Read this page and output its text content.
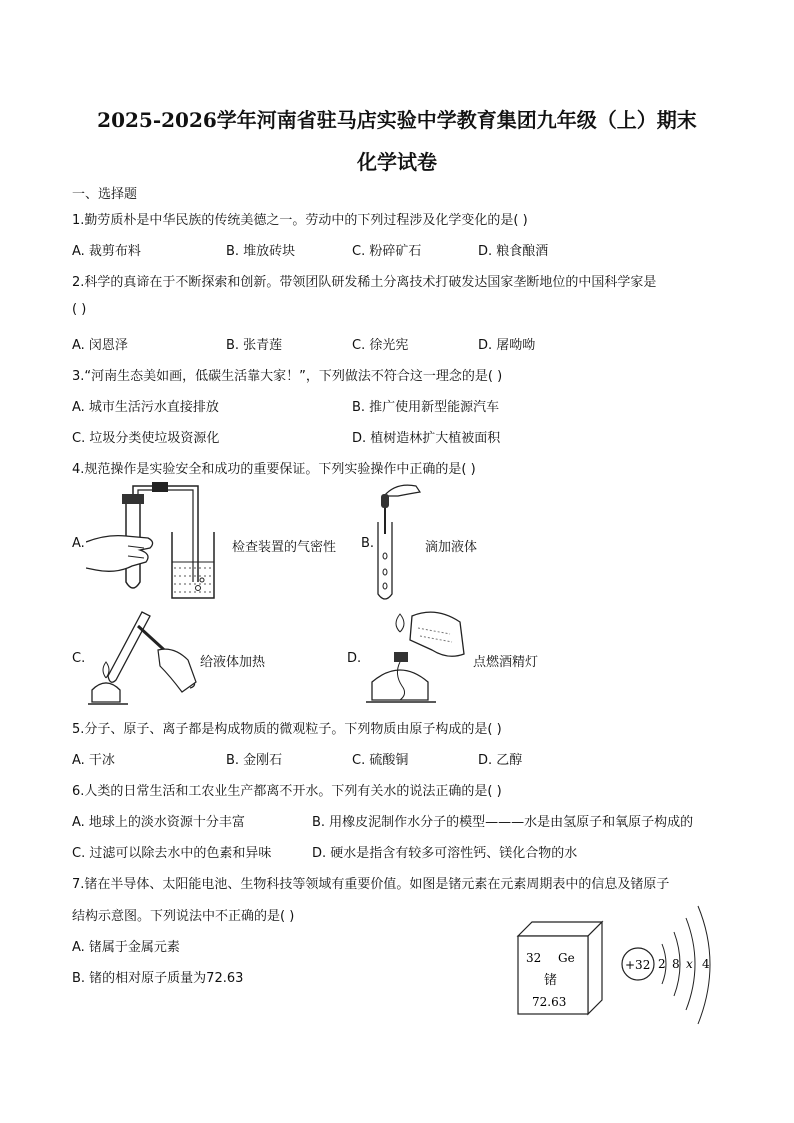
2025-2026学年河南省驻马店实验中学教育集团九年级（上）期末
化学试卷
一、选择题
1.勤劳质朴是中华民族的传统美德之一。劳动中的下列过程涉及化学变化的是( )
A. 裁剪布料	B. 堆放砖块	C. 粉碎矿石	D. 粮食酿酒
2.科学的真谛在于不断探索和创新。带领团队研发稀土分离技术打破发达国家垄断地位的中国科学家是
( )
A. 闵恩泽	B. 张青莲	C. 徐光宪	D. 屠呦呦
3.“河南生态美如画，低碳生活靠大家！”，下列做法不符合这一理念的是( )
A. 城市生活污水直接排放	B. 推广使用新型能源汽车
C. 垃圾分类使垃圾资源化	D. 植树造林扩大植被面积
4.规范操作是实验安全和成功的重要保证。下列实验操作中正确的是( )
A.	检查装置的气密性 B.	滴加液体
C.	给液体加热	D.	点燃酒精灯
5.分子、原子、离子都是构成物质的微观粒子。下列物质由原子构成的是( )
A. 干冰	B. 金刚石	C. 硫酸铜	D. 乙醇
6.人类的日常生活和工农业生产都离不开水。下列有关水的说法正确的是( )
A. 地球上的淡水资源十分丰富	B. 用橡皮泥制作水分子的模型———水是由氢原子和氧原子构成的
C. 过滤可以除去水中的色素和异味	D. 硬水是指含有较多可溶性钙、镁化合物的水
7.锗在半导体、太阳能电池、生物科技等领域有重要价值。如图是锗元素在元素周期表中的信息及锗原子
结构示意图。下列说法中不正确的是( )
A. 锗属于金属元素
B. 锗的相对原子质量为72.63
32 Ge
锗
72.63
+32 2 8 x 4
